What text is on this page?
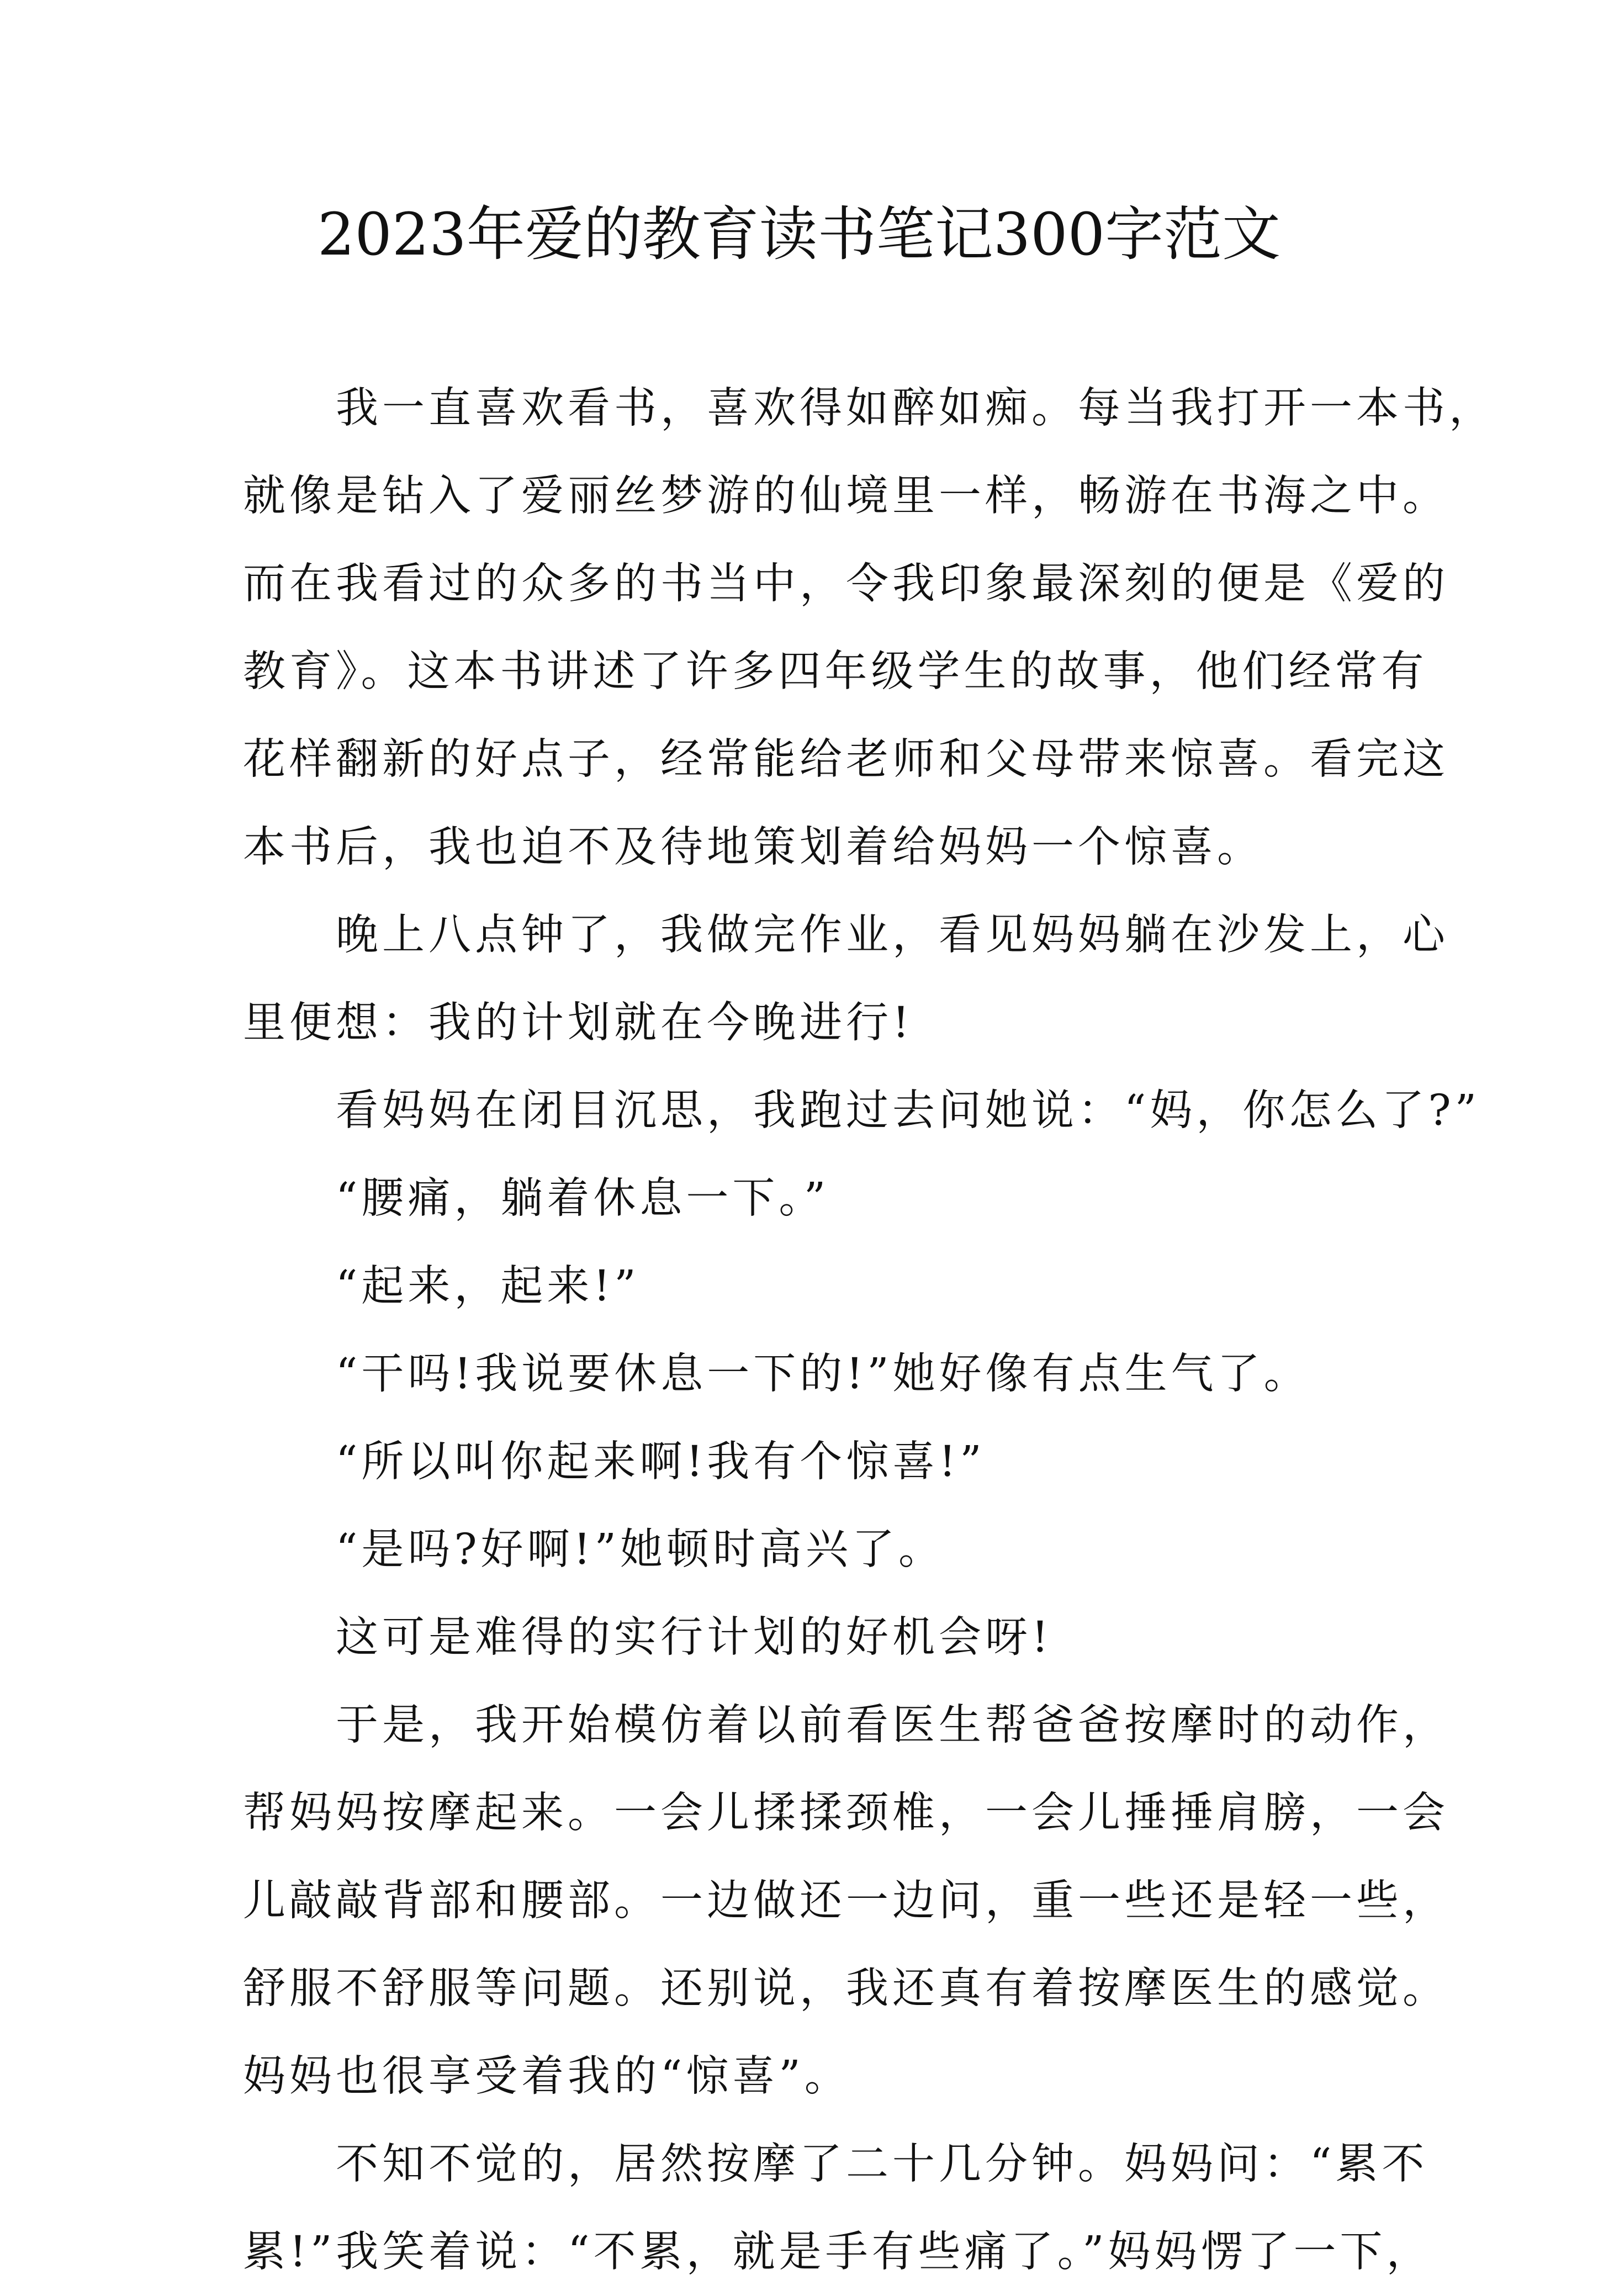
2023年爱的教育读书笔记300字范文
我一直喜欢看书，喜欢得如醉如痴。每当我打开一本书，
就像是钻入了爱丽丝梦游的仙境里一样，畅游在书海之中。
而在我看过的众多的书当中，令我印象最深刻的便是《爱的
教育》。这本书讲述了许多四年级学生的故事，他们经常有
花样翻新的好点子，经常能给老师和父母带来惊喜。看完这
本书后，我也迫不及待地策划着给妈妈一个惊喜。
晚上八点钟了，我做完作业，看见妈妈躺在沙发上，心
里便想：我的计划就在今晚进行!
看妈妈在闭目沉思，我跑过去问她说：“妈，你怎么了?”
“腰痛，躺着休息一下。”
“起来，起来!”
“干吗!我说要休息一下的!”她好像有点生气了。
“所以叫你起来啊!我有个惊喜!”
“是吗?好啊!”她顿时高兴了。
这可是难得的实行计划的好机会呀!
于是，我开始模仿着以前看医生帮爸爸按摩时的动作，
帮妈妈按摩起来。一会儿揉揉颈椎，一会儿捶捶肩膀，一会
儿敲敲背部和腰部。一边做还一边问，重一些还是轻一些，
舒服不舒服等问题。还别说，我还真有着按摩医生的感觉。
妈妈也很享受着我的“惊喜”。
不知不觉的，居然按摩了二十几分钟。妈妈问：“累不
累!”我笑着说：“不累，就是手有些痛了。”妈妈愣了一下，
